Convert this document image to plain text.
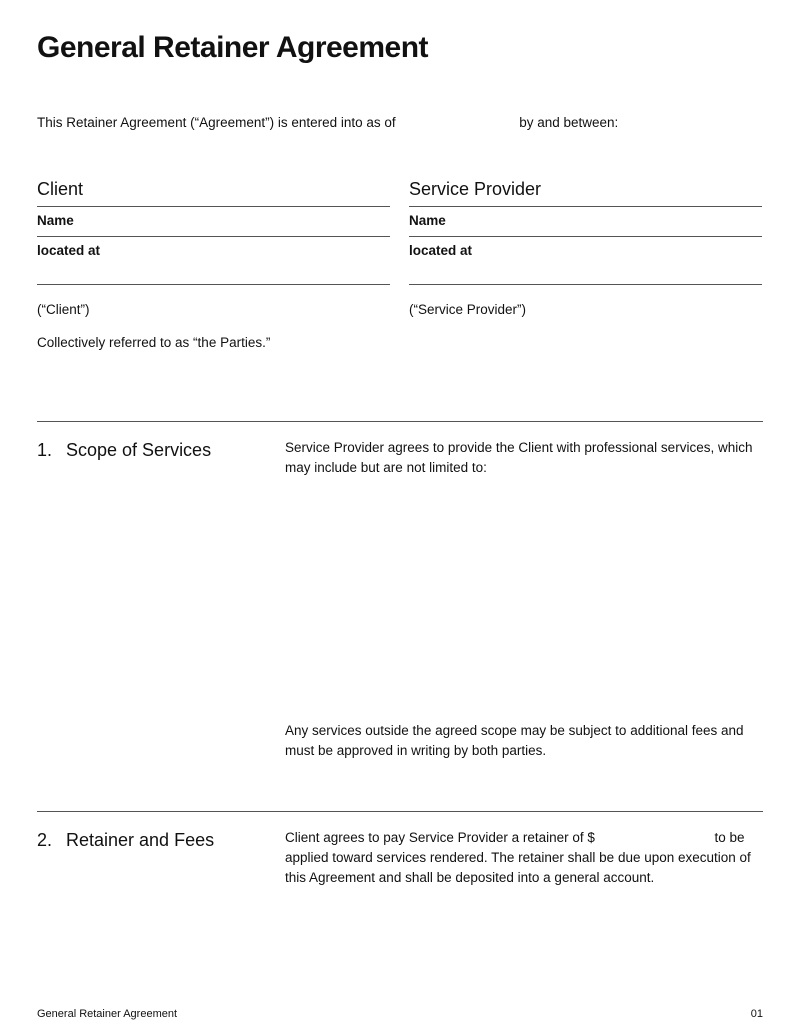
General Retainer Agreement
This Retainer Agreement (“Agreement”) is entered into as of	by and between:
Client
Name
located at
(“Client”)
Service Provider
Name
located at
(“Service Provider”)
Collectively referred to as “the Parties.”
1. Scope of Services	Service Provider agrees to provide the Client with professional services, which may include but are not limited to:
Any services outside the agreed scope may be subject to additional fees and must be approved in writing by both parties.
2. Retainer and Fees	Client agrees to pay Service Provider a retainer of $	to be applied toward services rendered. The retainer shall be due upon execution of this Agreement and shall be deposited into a general account.
General Retainer Agreement	01
